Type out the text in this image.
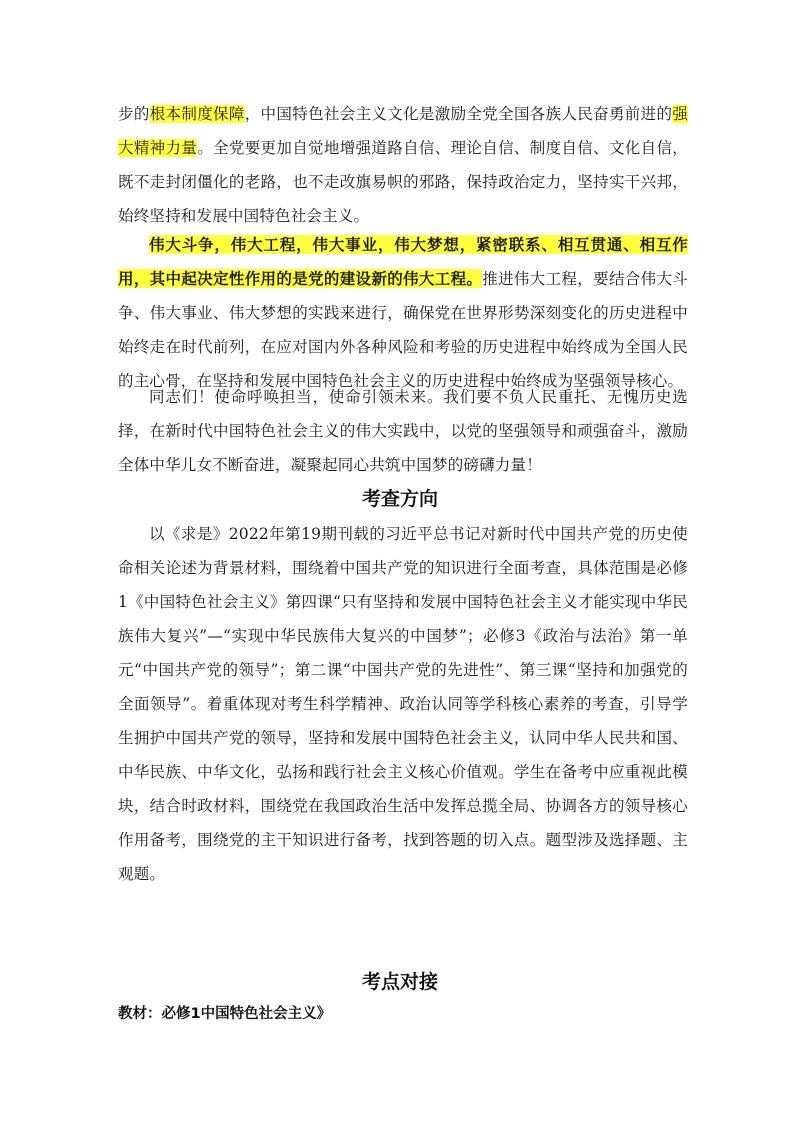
步的根本制度保障，中国特色社会主义文化是激励全党全国各族人民奋勇前进的强大精神力量。全党要更加自觉地增强道路自信、理论自信、制度自信、文化自信，既不走封闭僵化的老路，也不走改旗易帜的邪路，保持政治定力，坚持实干兴邦，始终坚持和发展中国特色社会主义。

伟大斗争，伟大工程，伟大事业，伟大梦想，紧密联系、相互贯通、相互作用，其中起决定性作用的是党的建设新的伟大工程。推进伟大工程，要结合伟大斗争、伟大事业、伟大梦想的实践来进行，确保党在世界形势深刻变化的历史进程中始终走在时代前列，在应对国内外各种风险和考验的历史进程中始终成为全国人民的主心骨，在坚持和发展中国特色社会主义的历史进程中始终成为坚强领导核心。

同志们！使命呼唤担当，使命引领未来。我们要不负人民重托、无愧历史选择，在新时代中国特色社会主义的伟大实践中，以党的坚强领导和顽强奋斗，激励全体中华儿女不断奋进，凝聚起同心共筑中国梦的磅礴力量！

考查方向

以《求是》2022年第19期刊载的习近平总书记对新时代中国共产党的历史使命相关论述为背景材料，围绕着中国共产党的知识进行全面考查，具体范围是必修1《中国特色社会主义》第四课“只有坚持和发展中国特色社会主义才能实现中华民族伟大复兴”—“实现中华民族伟大复兴的中国梦”；必修3《政治与法治》第一单元“中国共产党的领导”；第二课“中国共产党的先进性”、第三课“坚持和加强党的全面领导”。着重体现对考生科学精神、政治认同等学科核心素养的考查，引导学生拥护中国共产党的领导，坚持和发展中国特色社会主义，认同中华人民共和国、中华民族、中华文化，弘扬和践行社会主义核心价值观。学生在备考中应重视此模块，结合时政材料，围绕党在我国政治生活中发挥总揽全局、协调各方的领导核心作用备考，围绕党的主干知识进行备考，找到答题的切入点。题型涉及选择题、主观题。

考点对接
教材：必修1中国特色社会主义》
